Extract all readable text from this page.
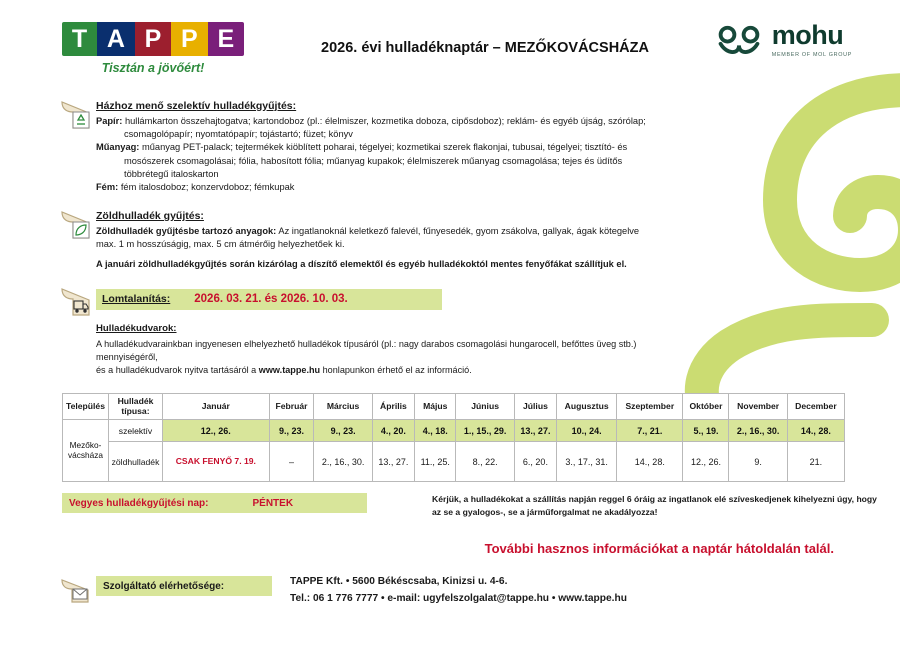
T A P P E
Tisztán a jövőért!
2026. évi hulladéknaptár – MEZŐKOVÁCSHÁZA	mohu
MEMBER OF MOL GROUP
Házhoz menő szelektív hulladékgyűjtés:
Papír: hullámkarton összehajtogatva; kartondoboz (pl.: élelmiszer, kozmetika doboza, cipősdoboz); reklám- és egyéb újság, szórólap; csomagolópapír; nyomtatópapír; tojástartó; füzet; könyv
Műanyag: műanyag PET-palack; tejtermékek kiöblített poharai, tégelyei; kozmetikai szerek flakonjai, tubusai, tégelyei; tisztító- és mosószerek csomagolásai; fólia, habosított fólia; műanyag kupakok; élelmiszerek műanyag csomagolása; tejes és üdítős többrétegű italoskarton
Fém: fém italosdoboz; konzervdoboz; fémkupak
Zöldhulladék gyűjtés:
Zöldhulladék gyűjtésbe tartozó anyagok: Az ingatlanoknál keletkező falevél, fűnyesedék, gyom zsákolva, gallyak, ágak kötegelve max. 1 m hosszúságig, max. 5 cm átmérőig helyezhetőek ki.
A januári zöldhulladékgyűjtés során kizárólag a díszítő elemektől és egyéb hulladékoktól mentes fenyőfákat szállítjuk el.
Lomtalanítás: 2026. 03. 21. és 2026. 10. 03.
Hulladékudvarok:
A hulladékudvarainkban ingyenesen elhelyezhető hulladékok típusáról (pl.: nagy darabos csomagolási hungarocell, befőttes üveg stb.) mennyiségéről,
és a hulladékudvarok nyitva tartásáról a www.tappe.hu honlapunkon érhető el az információ.
Település	Hulladék típusa:	Január	Február	Március	Április	Május	Június	Július	Augusztus	Szeptember	Október	November	December
Mezőko-vácsháza	szelektív	12., 26.	9., 23.	9., 23.	4., 20.	4., 18.	1., 15., 29.	13., 27.	10., 24.	7., 21.	5., 19.	2., 16., 30.	14., 28.
	zöldhulladék	CSAK FENYŐ 7. 19.	–	2., 16., 30.	13., 27.	11., 25.	8., 22.	6., 20.	3., 17., 31.	14., 28.	12., 26.	9.	21.
Vegyes hulladékgyűjtési nap:	PÉNTEK	Kérjük, a hulladékokat a szállítás napján reggel 6 óráig az ingatlanok elé szíveskedjenek kihelyezni úgy, hogy az se a gyalogos-, se a járműforgalmat ne akadályozza!
További hasznos információkat a naptár hátoldalán talál.
Szolgáltató elérhetősége:	TAPPE Kft. • 5600 Békéscsaba, Kinizsi u. 4-6.
Tel.: 06 1 776 7777 • e-mail: ugyfelszolgalat@tappe.hu • www.tappe.hu
